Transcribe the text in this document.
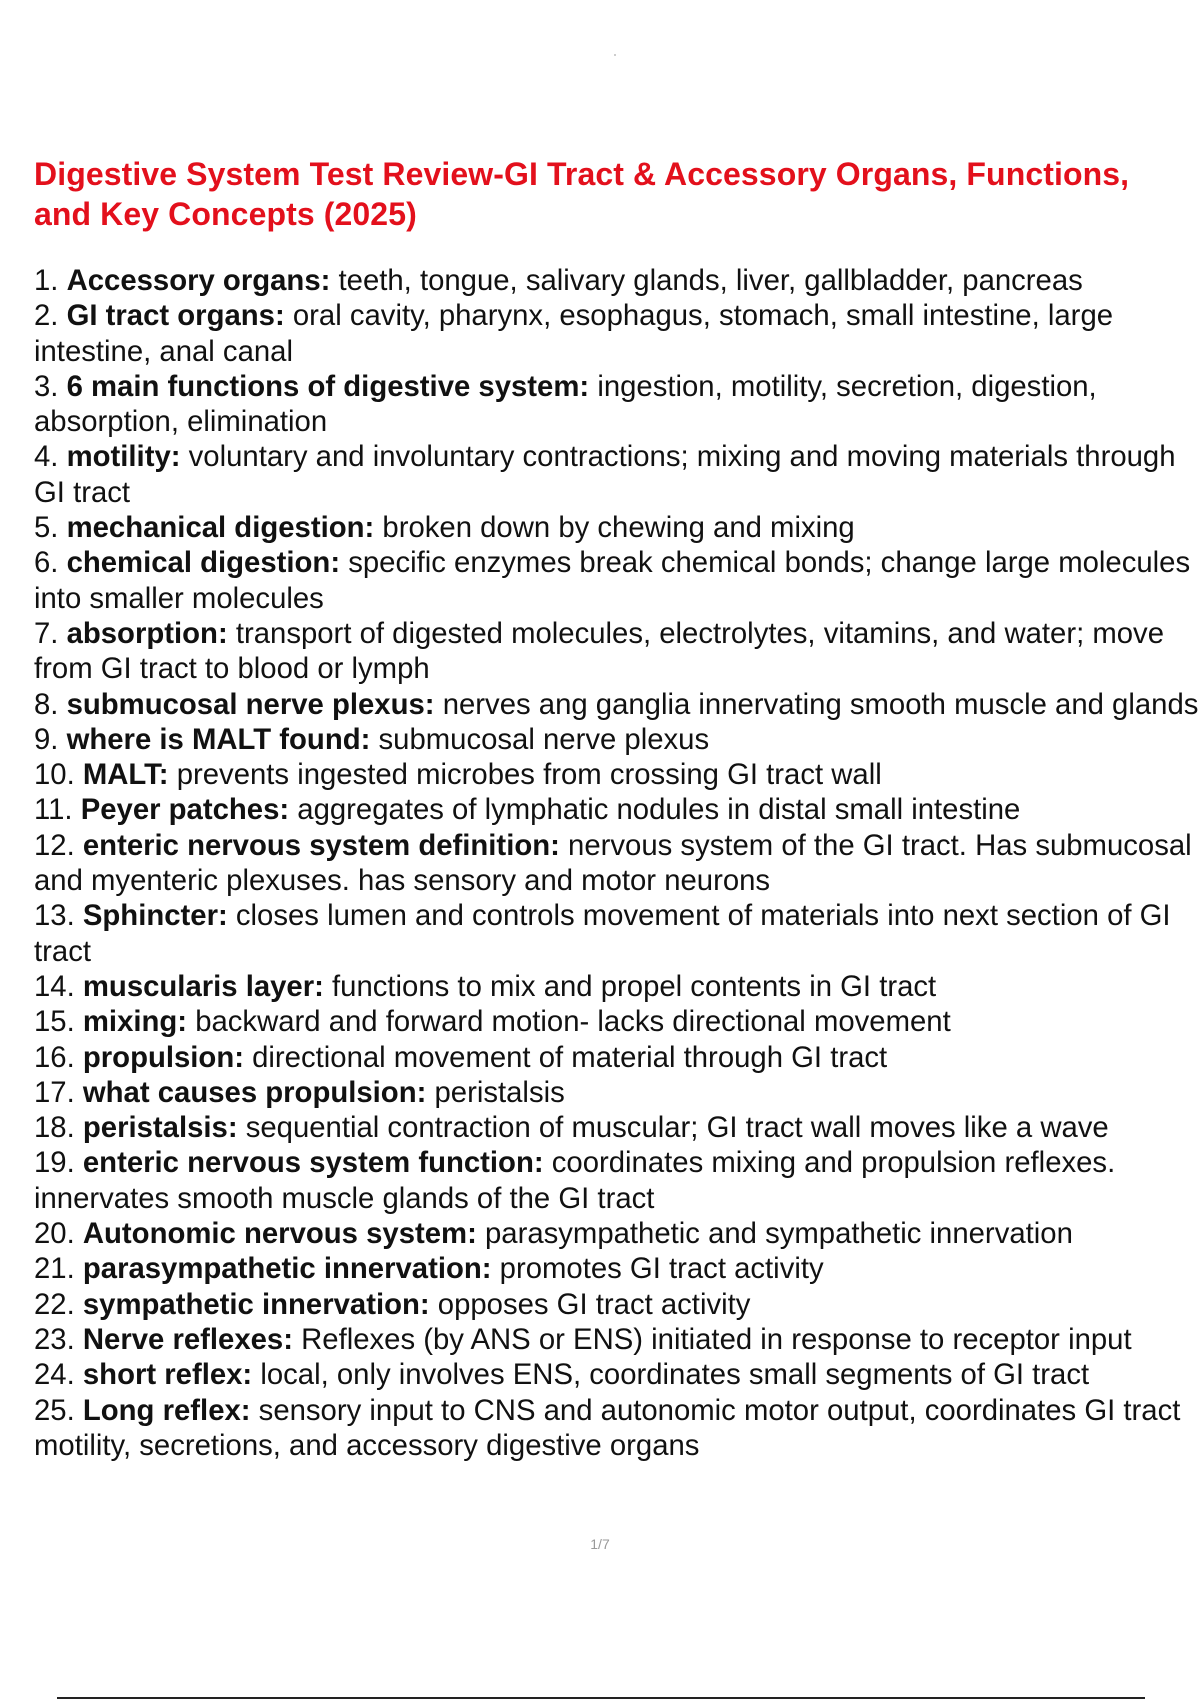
Digestive System Test Review-GI Tract & Accessory Organs, Functions, and Key Concepts (2025)
1. Accessory organs: teeth, tongue, salivary glands, liver, gallbladder, pancreas
2. GI tract organs: oral cavity, pharynx, esophagus, stomach, small intestine, large intestine, anal canal
3. 6 main functions of digestive system: ingestion, motility, secretion, digestion, absorption, elimination
4. motility: voluntary and involuntary contractions; mixing and moving materials through GI tract
5. mechanical digestion: broken down by chewing and mixing
6. chemical digestion: specific enzymes break chemical bonds; change large molecules into smaller molecules
7. absorption: transport of digested molecules, electrolytes, vitamins, and water; move from GI tract to blood or lymph
8. submucosal nerve plexus: nerves ang ganglia innervating smooth muscle and glands
9. where is MALT found: submucosal nerve plexus
10. MALT: prevents ingested microbes from crossing GI tract wall
11. Peyer patches: aggregates of lymphatic nodules in distal small intestine
12. enteric nervous system definition: nervous system of the GI tract. Has submucosal and myenteric plexuses. has sensory and motor neurons
13. Sphincter: closes lumen and controls movement of materials into next section of GI tract
14. muscularis layer: functions to mix and propel contents in GI tract
15. mixing: backward and forward motion- lacks directional movement
16. propulsion: directional movement of material through GI tract
17. what causes propulsion: peristalsis
18. peristalsis: sequential contraction of muscular; GI tract wall moves like a wave
19. enteric nervous system function: coordinates mixing and propulsion reflexes. innervates smooth muscle glands of the GI tract
20. Autonomic nervous system: parasympathetic and sympathetic innervation
21. parasympathetic innervation: promotes GI tract activity
22. sympathetic innervation: opposes GI tract activity
23. Nerve reflexes: Reflexes (by ANS or ENS) initiated in response to receptor input
24. short reflex: local, only involves ENS, coordinates small segments of GI tract
25. Long reflex: sensory input to CNS and autonomic motor output, coordinates GI tract motility, secretions, and accessory digestive organs
1/7
